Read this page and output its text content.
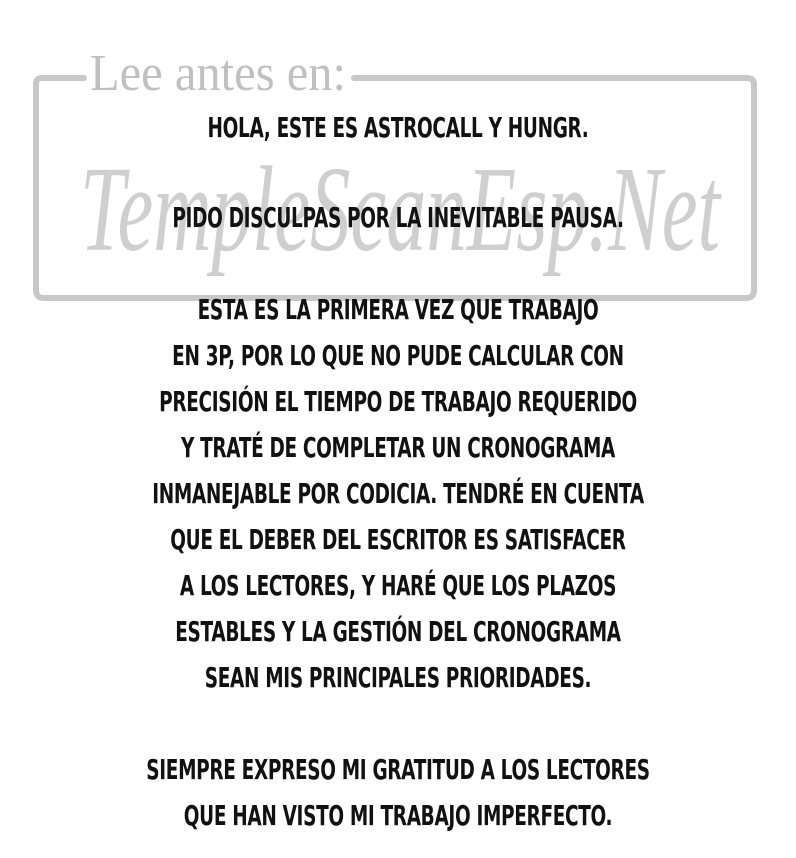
Lee antes en:
TempleScanEsp.Net
HOLA, ESTE ES ASTROCALL Y HUNGR.
PIDO DISCULPAS POR LA INEVITABLE PAUSA.
ESTA ES LA PRIMERA VEZ QUE TRABAJO
EN 3P, POR LO QUE NO PUDE CALCULAR CON
PRECISIÓN EL TIEMPO DE TRABAJO REQUERIDO
Y TRATÉ DE COMPLETAR UN CRONOGRAMA
INMANEJABLE POR CODICIA. TENDRÉ EN CUENTA
QUE EL DEBER DEL ESCRITOR ES SATISFACER
A LOS LECTORES, Y HARÉ QUE LOS PLAZOS
ESTABLES Y LA GESTIÓN DEL CRONOGRAMA
SEAN MIS PRINCIPALES PRIORIDADES.
SIEMPRE EXPRESO MI GRATITUD A LOS LECTORES
QUE HAN VISTO MI TRABAJO IMPERFECTO.
